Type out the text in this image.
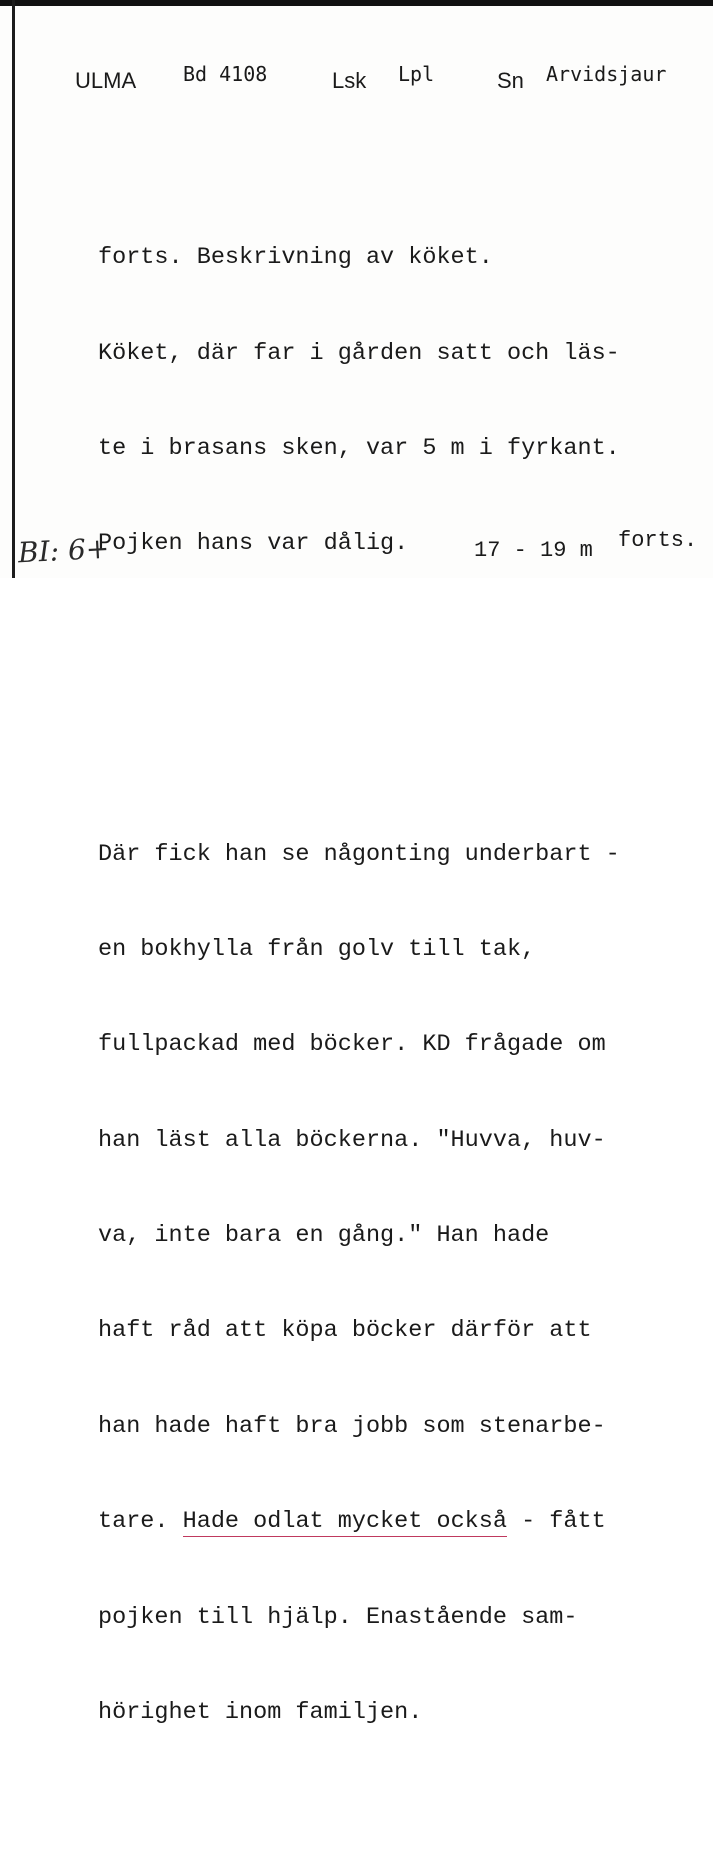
ULMA Bd 4108	Lsk Lpl	Sn Arvidsjaur

forts. Beskrivning av köket.

Köket, där far i gården satt och läs-

te i brasans sken, var 5 m i fyrkant.

Pojken hans var dålig.

Där fick han se någonting underbart -

en bokhylla från golv till tak,

fullpackad med böcker. KD frågade om

han läst alla böckerna. "Huvva, huv-

va, inte bara en gång." Han hade

haft råd att köpa böcker därför att

han hade haft bra jobb som stenarbe-

tare. Hade odlat mycket också - fått

pojken till hjälp. Enastående sam-

hörighet inom familjen.

17 - 19 m forts.
BI: 6+
